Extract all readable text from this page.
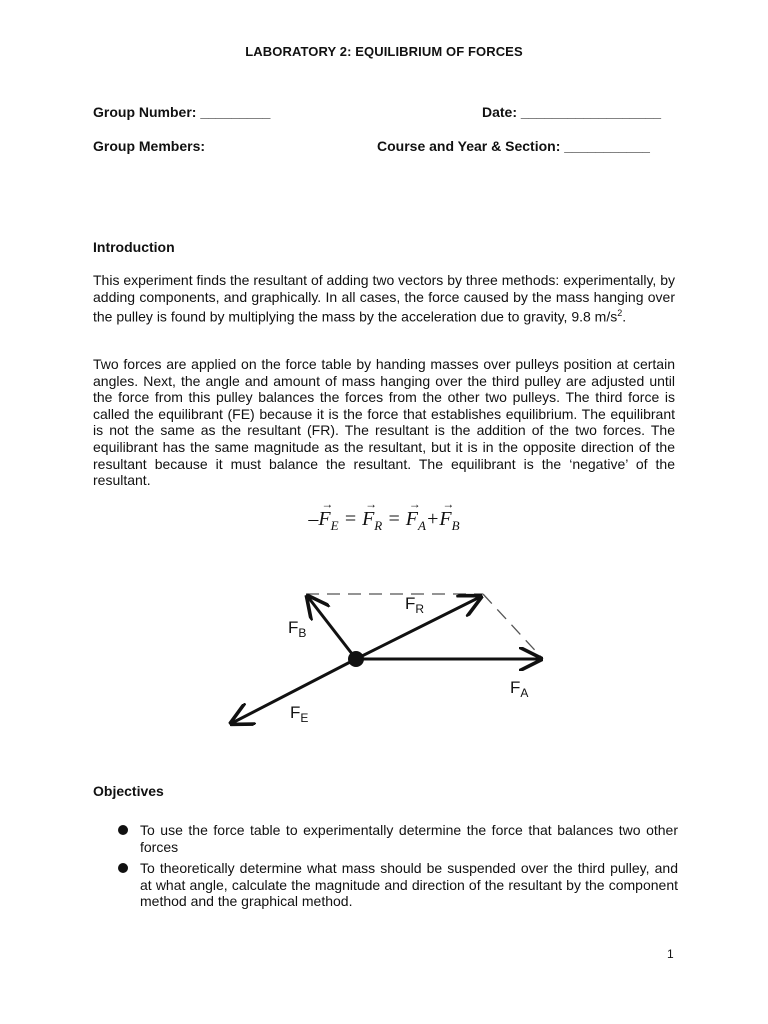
LABORATORY 2: EQUILIBRIUM OF FORCES
Group Number: _________	Date: __________________
Group Members:	Course and Year & Section: ___________
Introduction
This experiment finds the resultant of adding two vectors by three methods: experimentally, by adding components, and graphically. In all cases, the force caused by the mass hanging over the pulley is found by multiplying the mass by the acceleration due to gravity, 9.8 $m/s^2$.
Two forces are applied on the force table by handing masses over pulleys position at certain angles. Next, the angle and amount of mass hanging over the third pulley are adjusted until the force from this pulley balances the forces from the other two pulleys. The third force is called the equilibrant (FE) because it is the force that establishes equilibrium. The equilibrant is not the same as the resultant (FR). The resultant is the addition of the two forces. The equilibrant has the same magnitude as the resultant, but it is in the opposite direction of the resultant because it must balance the resultant. The equilibrant is the ‘negative’ of the resultant.
–→ $F_E$ = → $F_R$ = → $F_A+\to F_B$
$F_B$
$F_R$
$F_A$
$F_E$
Objectives
To use the force table to experimentally determine the force that balances two other forces
To theoretically determine what mass should be suspended over the third pulley, and at what angle, calculate the magnitude and direction of the resultant by the component method and the graphical method.
1
